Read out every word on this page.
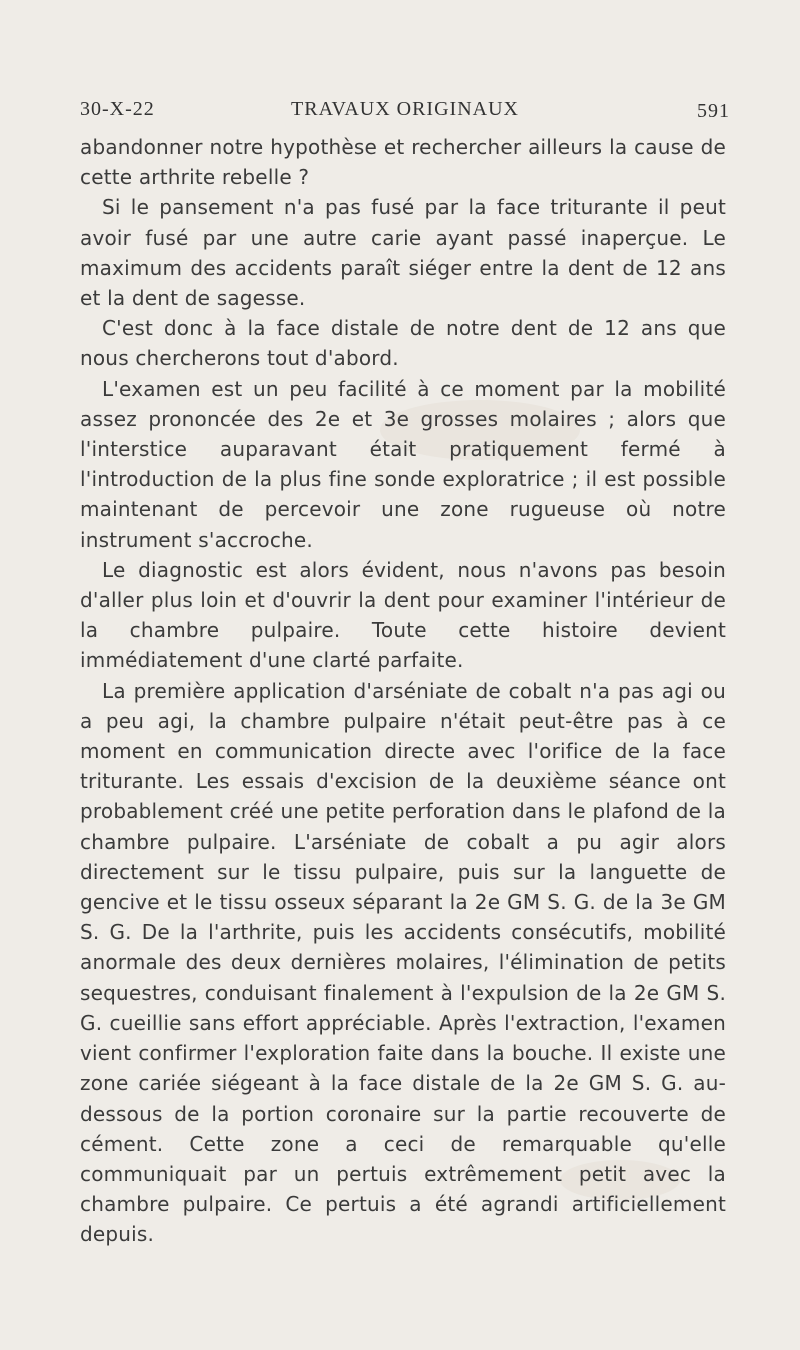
30-X-22	TRAVAUX ORIGINAUX	591

abandonner notre hypothèse et rechercher ailleurs la cause de cette arthrite rebelle ?

Si le pansement n'a pas fusé par la face triturante il peut avoir fusé par une autre carie ayant passé inaperçue. Le maximum des accidents paraît siéger entre la dent de 12 ans et la dent de sagesse.

C'est donc à la face distale de notre dent de 12 ans que nous chercherons tout d'abord.

L'examen est un peu facilité à ce moment par la mobilité assez prononcée des 2e et 3e grosses molaires ; alors que l'interstice auparavant était pratiquement fermé à l'introduction de la plus fine sonde exploratrice ; il est possible maintenant de percevoir une zone rugueuse où notre instrument s'accroche.

Le diagnostic est alors évident, nous n'avons pas besoin d'aller plus loin et d'ouvrir la dent pour examiner l'intérieur de la chambre pulpaire. Toute cette histoire devient immédiatement d'une clarté parfaite.

La première application d'arséniate de cobalt n'a pas agi ou a peu agi, la chambre pulpaire n'était peut-être pas à ce moment en communication directe avec l'orifice de la face triturante. Les essais d'excision de la deuxième séance ont probablement créé une petite perforation dans le plafond de la chambre pulpaire. L'arséniate de cobalt a pu agir alors directement sur le tissu pulpaire, puis sur la languette de gencive et le tissu osseux séparant la 2e GM S. G. de la 3e GM S. G. De la l'arthrite, puis les accidents consécutifs, mobilité anormale des deux dernières molaires, l'élimination de petits sequestres, conduisant finalement à l'expulsion de la 2e GM S. G. cueillie sans effort appréciable. Après l'extraction, l'examen vient confirmer l'exploration faite dans la bouche. Il existe une zone cariée siégeant à la face distale de la 2e GM S. G. au-dessous de la portion coronaire sur la partie recouverte de cément. Cette zone a ceci de remarquable qu'elle communiquait par un pertuis extrêmement petit avec la chambre pulpaire. Ce pertuis a été agrandi artificiellement depuis.
